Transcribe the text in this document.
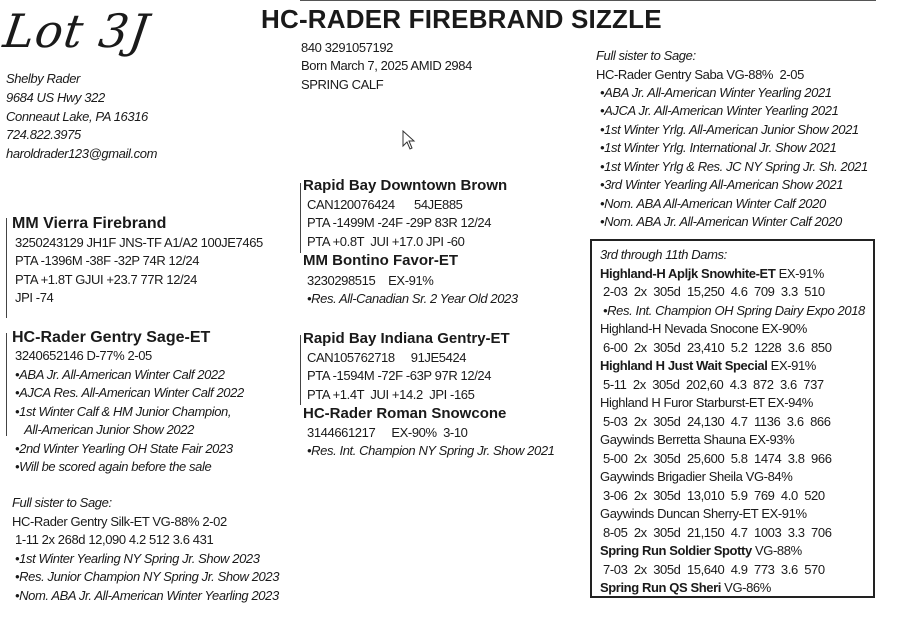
Lot 3J	HC-RADER FIREBRAND SIZZLE
Shelby Rader
9684 US Hwy 322
Conneaut Lake, PA 16316
724.822.3975
haroldrader123@gmail.com
840 3291057192
Born March 7, 2025 AMID 2984
SPRING CALF
MM Vierra Firebrand
3250243129 JH1F JNS-TF A1/A2 100JE7465
PTA -1396M -38F -32P 74R 12/24
PTA +1.8T GJUI +23.7 77R 12/24
JPI -74
HC-Rader Gentry Sage-ET
3240652146 D-77% 2-05
•ABA Jr. All-American Winter Calf 2022
•AJCA Res. All-American Winter Calf 2022
•1st Winter Calf & HM Junior Champion,
All-American Junior Show 2022
•2nd Winter Yearling OH State Fair 2023
•Will be scored again before the sale
Full sister to Sage:
HC-Rader Gentry Silk-ET VG-88% 2-02
1-11 2x 268d 12,090 4.2 512 3.6 431
•1st Winter Yearling NY Spring Jr. Show 2023
•Res. Junior Champion NY Spring Jr. Show 2023
•Nom. ABA Jr. All-American Winter Yearling 2023
Rapid Bay Downtown Brown
CAN120076424      54JE885
PTA -1499M -24F -29P 83R 12/24
PTA +0.8T  JUI +17.0 JPI -60
MM Bontino Favor-ET
3230298515    EX-91%
•Res. All-Canadian Sr. 2 Year Old 2023
Rapid Bay Indiana Gentry-ET
CAN105762718     91JE5424
PTA -1594M -72F -63P 97R 12/24
PTA +1.4T  JUI +14.2  JPI -165
HC-Rader Roman Snowcone
3144661217     EX-90%  3-10
•Res. Int. Champion NY Spring Jr. Show 2021
Full sister to Sage:
HC-Rader Gentry Saba VG-88%  2-05
•ABA Jr. All-American Winter Yearling 2021
•AJCA Jr. All-American Winter Yearling 2021
•1st Winter Yrlg. All-American Junior Show 2021
•1st Winter Yrlg. International Jr. Show 2021
•1st Winter Yrlg & Res. JC NY Spring Jr. Sh. 2021
•3rd Winter Yearling All-American Show 2021
•Nom. ABA All-American Winter Calf 2020
•Nom. ABA Jr. All-American Winter Calf 2020
3rd through 11th Dams:
Highland-H Apljk Snowhite-ET EX-91%
2-03  2x  305d  15,250  4.6  709  3.3  510
•Res. Int. Champion OH Spring Dairy Expo 2018
Highland-H Nevada Snocone EX-90%
6-00  2x  305d  23,410  5.2  1228  3.6  850
Highland H Just Wait Special EX-91%
5-11  2x  305d  202,60  4.3  872  3.6  737
Highland H Furor Starburst-ET EX-94%
5-03  2x  305d  24,130  4.7  1136  3.6  866
Gaywinds Berretta Shauna EX-93%
5-00  2x  305d  25,600  5.8  1474  3.8  966
Gaywinds Brigadier Sheila VG-84%
3-06  2x  305d  13,010  5.9  769  4.0  520
Gaywinds Duncan Sherry-ET EX-91%
8-05  2x  305d  21,150  4.7  1003  3.3  706
Spring Run Soldier Spotty VG-88%
7-03  2x  305d  15,640  4.9  773  3.6  570
Spring Run QS Sheri VG-86%
